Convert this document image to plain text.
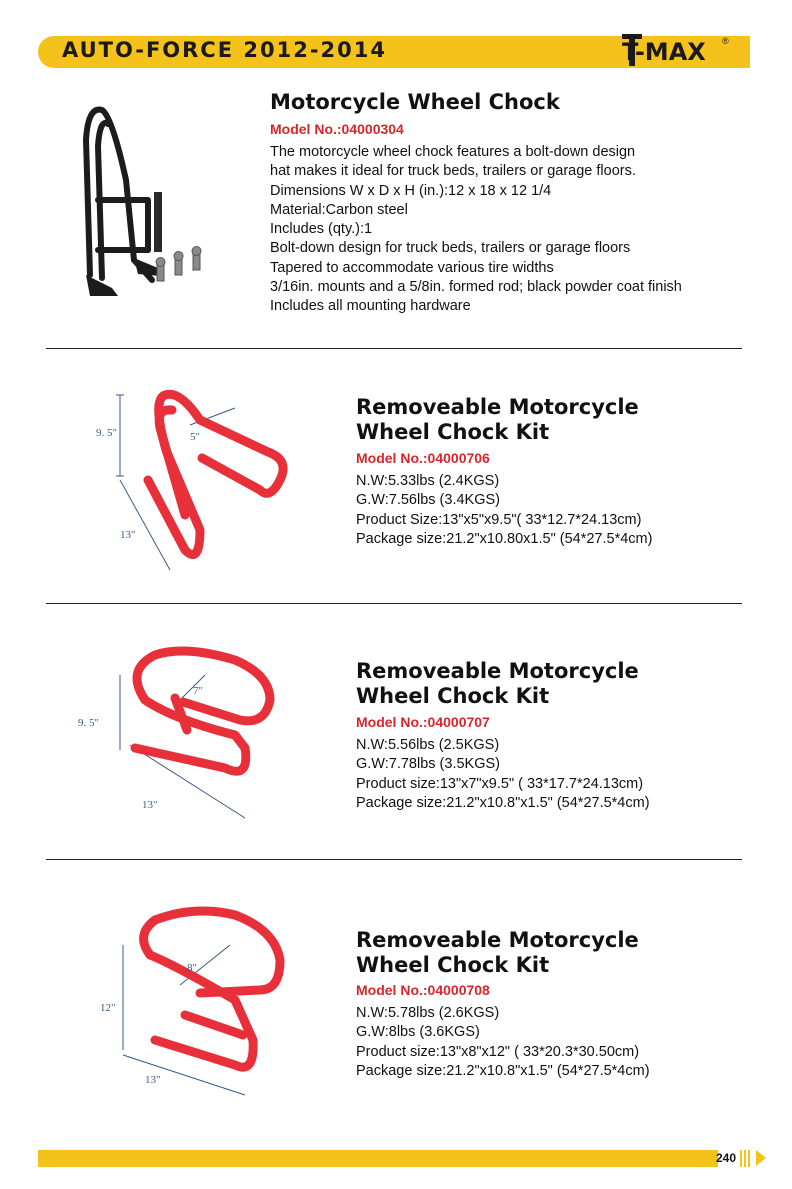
AUTO-FORCE 2012-2014	T-MAX ®
Motorcycle Wheel Chock
Model No.:04000304
The motorcycle wheel chock features a bolt-down design
hat makes it ideal for truck beds, trailers or garage floors.
Dimensions W x D x H (in.):12 x 18 x 12 1/4
Material:Carbon steel
Includes (qty.):1
Bolt-down design for truck beds, trailers or garage floors
Tapered to accommodate various tire widths
3/16in. mounts and a 5/8in. formed rod; black powder coat finish
Includes all mounting hardware
9. 5"	5"
13"
Removeable Motorcycle
Wheel Chock Kit
Model No.:04000706
N.W:5.33lbs (2.4KGS)
G.W:7.56lbs (3.4KGS)
Product Size:13"x5"x9.5"( 33*12.7*24.13cm)
Package size:21.2"x10.80x1.5" (54*27.5*4cm)
9. 5"
7"
13"
Removeable Motorcycle
Wheel Chock Kit
Model No.:04000707
N.W:5.56lbs (2.5KGS)
G.W:7.78lbs (3.5KGS)
Product size:13"x7"x9.5" ( 33*17.7*24.13cm)
Package size:21.2"x10.8"x1.5" (54*27.5*4cm)
12"
8"
13"
Removeable Motorcycle
Wheel Chock Kit
Model No.:04000708
N.W:5.78lbs (2.6KGS)
G.W:8lbs (3.6KGS)
Product size:13"x8"x12" ( 33*20.3*30.50cm)
Package size:21.2"x10.8"x1.5" (54*27.5*4cm)
240
